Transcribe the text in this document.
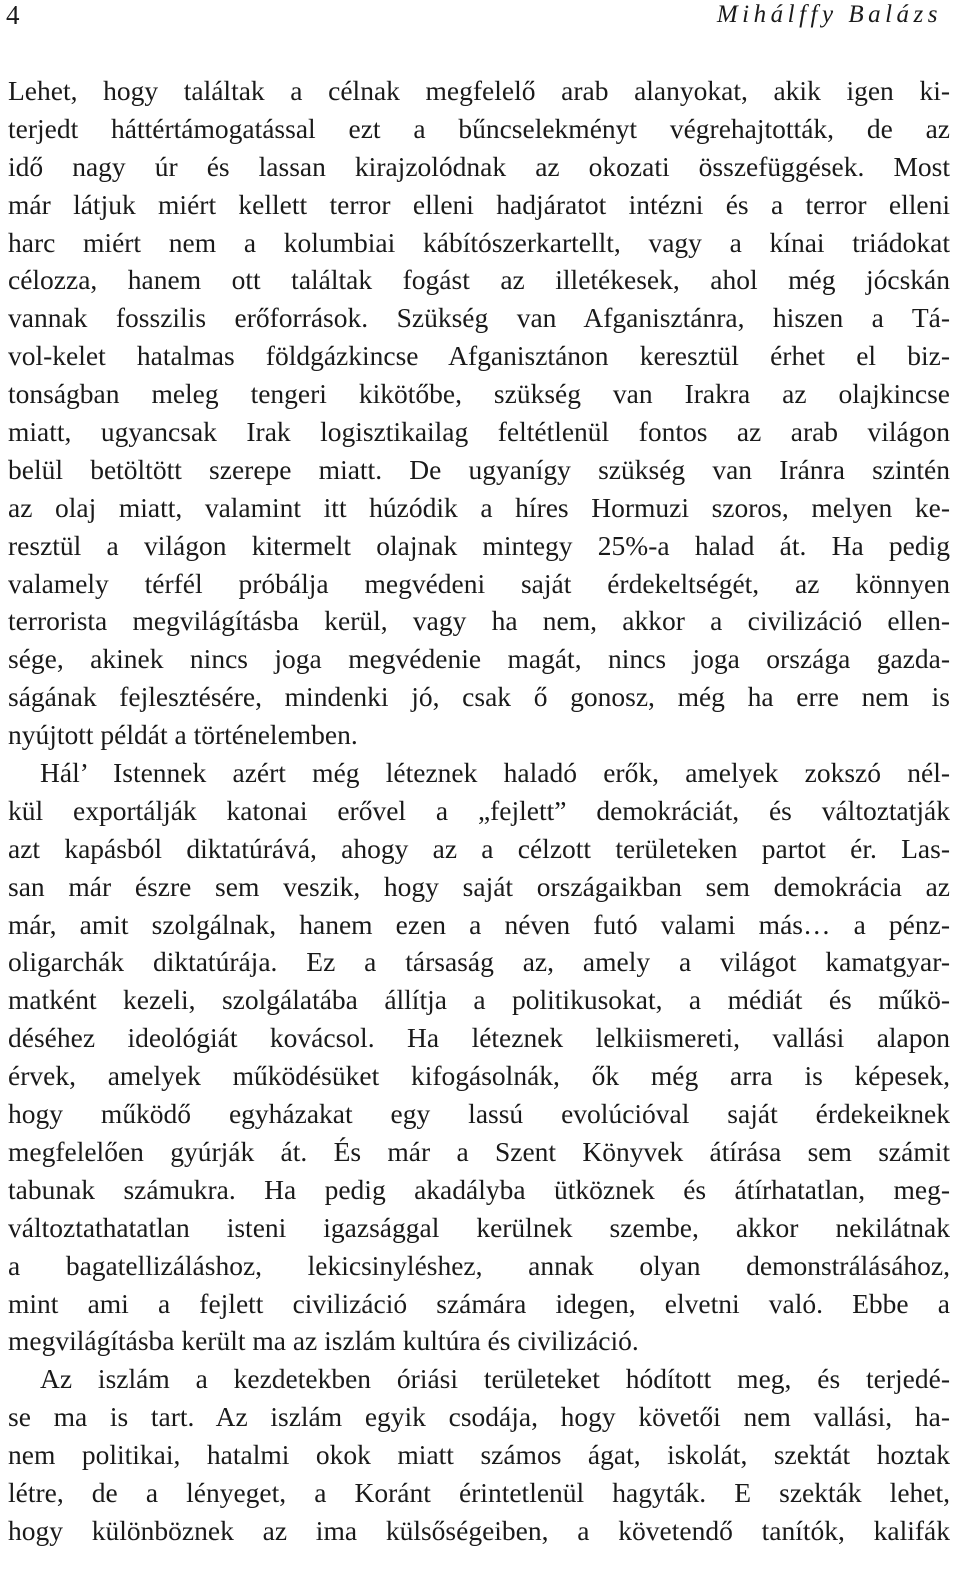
4	Mihálffy Balázs
Lehet, hogy találtak a célnak megfelelő arab alanyokat, akik igen ki-
terjedt háttértámogatással ezt a bűncselekményt végrehajtották, de az
idő nagy úr és lassan kirajzolódnak az okozati összefüggések. Most
már látjuk miért kellett terror elleni hadjáratot intézni és a terror elleni
harc miért nem a kolumbiai kábítószerkartellt, vagy a kínai triádokat
célozza, hanem ott találtak fogást az illetékesek, ahol még jócskán
vannak fosszilis erőforrások. Szükség van Afganisztánra, hiszen a Tá-
vol-kelet hatalmas földgázkincse Afganisztánon keresztül érhet el biz-
tonságban meleg tengeri kikötőbe, szükség van Irakra az olajkincse
miatt, ugyancsak Irak logisztikailag feltétlenül fontos az arab világon
belül betöltött szerepe miatt. De ugyanígy szükség van Iránra szintén
az olaj miatt, valamint itt húzódik a híres Hormuzi szoros, melyen ke-
resztül a világon kitermelt olajnak mintegy 25%-a halad át. Ha pedig
valamely térfél próbálja megvédeni saját érdekeltségét, az könnyen
terrorista megvilágításba kerül, vagy ha nem, akkor a civilizáció ellen-
sége, akinek nincs joga megvédenie magát, nincs joga országa gazda-
ságának fejlesztésére, mindenki jó, csak ő gonosz, még ha erre nem is
nyújtott példát a történelemben.
Hál’ Istennek azért még léteznek haladó erők, amelyek zokszó nél-
kül exportálják katonai erővel a „fejlett” demokráciát, és változtatják
azt kapásból diktatúrává, ahogy az a célzott területeken partot ér. Las-
san már észre sem veszik, hogy saját országaikban sem demokrácia az
már, amit szolgálnak, hanem ezen a néven futó valami más… a pénz-
oligarchák diktatúrája. Ez a társaság az, amely a világot kamatgyar-
matként kezeli, szolgálatába állítja a politikusokat, a médiát és műkö-
déséhez ideológiát kovácsol. Ha léteznek lelkiismereti, vallási alapon
érvek, amelyek működésüket kifogásolnák, ők még arra is képesek,
hogy működő egyházakat egy lassú evolúcióval saját érdekeiknek
megfelelően gyúrják át. És már a Szent Könyvek átírása sem számit
tabunak számukra. Ha pedig akadályba ütköznek és átírhatatlan, meg-
változtathatatlan isteni igazsággal kerülnek szembe, akkor nekilátnak
a bagatellizáláshoz, lekicsinyléshez, annak olyan demonstrálásához,
mint ami a fejlett civilizáció számára idegen, elvetni való. Ebbe a
megvilágításba került ma az iszlám kultúra és civilizáció.
Az iszlám a kezdetekben óriási területeket hódított meg, és terjedé-
se ma is tart. Az iszlám egyik csodája, hogy követői nem vallási, ha-
nem politikai, hatalmi okok miatt számos ágat, iskolát, szektát hoztak
létre, de a lényeget, a Koránt érintetlenül hagyták. E szekták lehet,
hogy különböznek az ima külsőségeiben, a követendő tanítók, kalifák
